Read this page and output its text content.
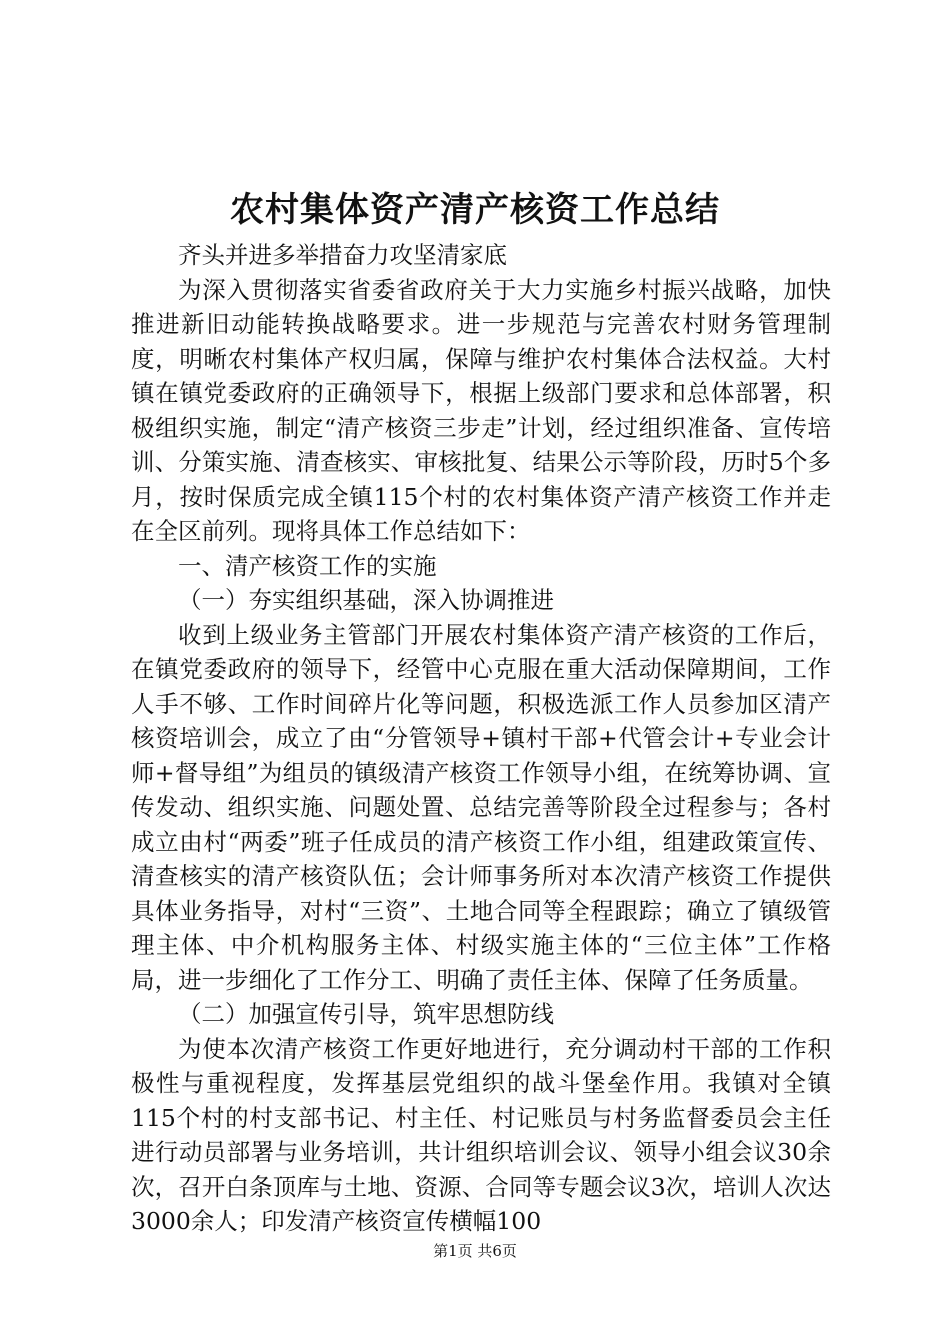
农村集体资产清产核资工作总结

齐头并进多举措奋力攻坚清家底

为深入贯彻落实省委省政府关于大力实施乡村振兴战略，加快推进新旧动能转换战略要求。进一步规范与完善农村财务管理制度，明晰农村集体产权归属，保障与维护农村集体合法权益。大村镇在镇党委政府的正确领导下，根据上级部门要求和总体部署，积极组织实施，制定“清产核资三步走”计划，经过组织准备、宣传培训、分策实施、清查核实、审核批复、结果公示等阶段，历时5个多月，按时保质完成全镇115个村的农村集体资产清产核资工作并走在全区前列。现将具体工作总结如下：

一、清产核资工作的实施

（一）夯实组织基础，深入协调推进

收到上级业务主管部门开展农村集体资产清产核资的工作后，在镇党委政府的领导下，经管中心克服在重大活动保障期间，工作人手不够、工作时间碎片化等问题，积极选派工作人员参加区清产核资培训会，成立了由“分管领导+镇村干部+代管会计+专业会计师+督导组”为组员的镇级清产核资工作领导小组，在统筹协调、宣传发动、组织实施、问题处置、总结完善等阶段全过程参与；各村成立由村“两委”班子任成员的清产核资工作小组，组建政策宣传、清查核实的清产核资队伍；会计师事务所对本次清产核资工作提供具体业务指导，对村“三资”、土地合同等全程跟踪；确立了镇级管理主体、中介机构服务主体、村级实施主体的“三位主体”工作格局，进一步细化了工作分工、明确了责任主体、保障了任务质量。

（二）加强宣传引导，筑牢思想防线

为使本次清产核资工作更好地进行，充分调动村干部的工作积极性与重视程度，发挥基层党组织的战斗堡垒作用。我镇对全镇115个村的村支部书记、村主任、村记账员与村务监督委员会主任进行动员部署与业务培训，共计组织培训会议、领导小组会议30余次，召开白条顶库与土地、资源、合同等专题会议3次，培训人次达3000余人；印发清产核资宣传横幅100

第1页 共6页
